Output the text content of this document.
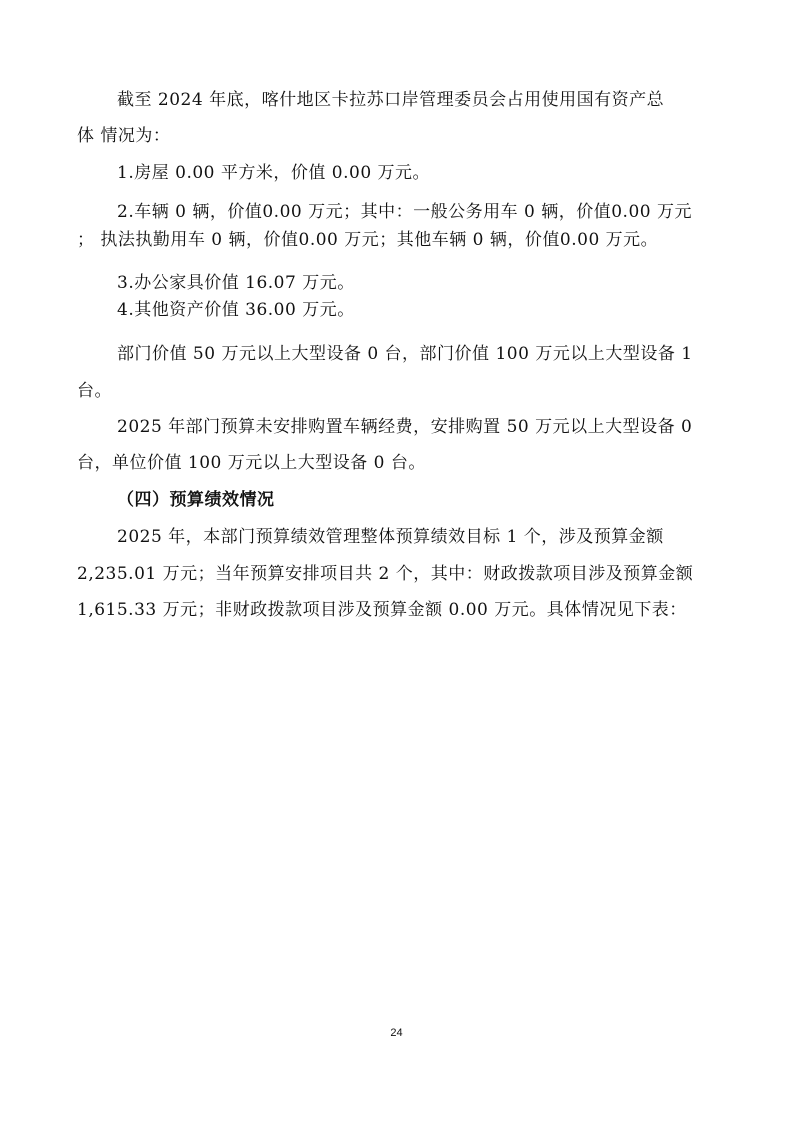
截至 2024 年底，喀什地区卡拉苏口岸管理委员会占用使用国有资产总
体 情况为：
1.房屋 0.00 平方米，价值 0.00 万元。
2.车辆 0 辆，价值0.00 万元；其中：一般公务用车 0 辆，价值0.00 万元
； 执法执勤用车 0 辆，价值0.00 万元；其他车辆 0 辆，价值0.00 万元。
3.办公家具价值 16.07 万元。
4.其他资产价值 36.00 万元。
部门价值 50 万元以上大型设备 0 台，部门价值 100 万元以上大型设备 1
台。
2025 年部门预算未安排购置车辆经费，安排购置 50 万元以上大型设备 0
台，单位价值 100 万元以上大型设备 0 台。
（四）预算绩效情况
2025 年，本部门预算绩效管理整体预算绩效目标 1 个，涉及预算金额
2,235.01 万元；当年预算安排项目共 2 个，其中：财政拨款项目涉及预算金额
1,615.33 万元；非财政拨款项目涉及预算金额 0.00 万元。具体情况见下表：
24
